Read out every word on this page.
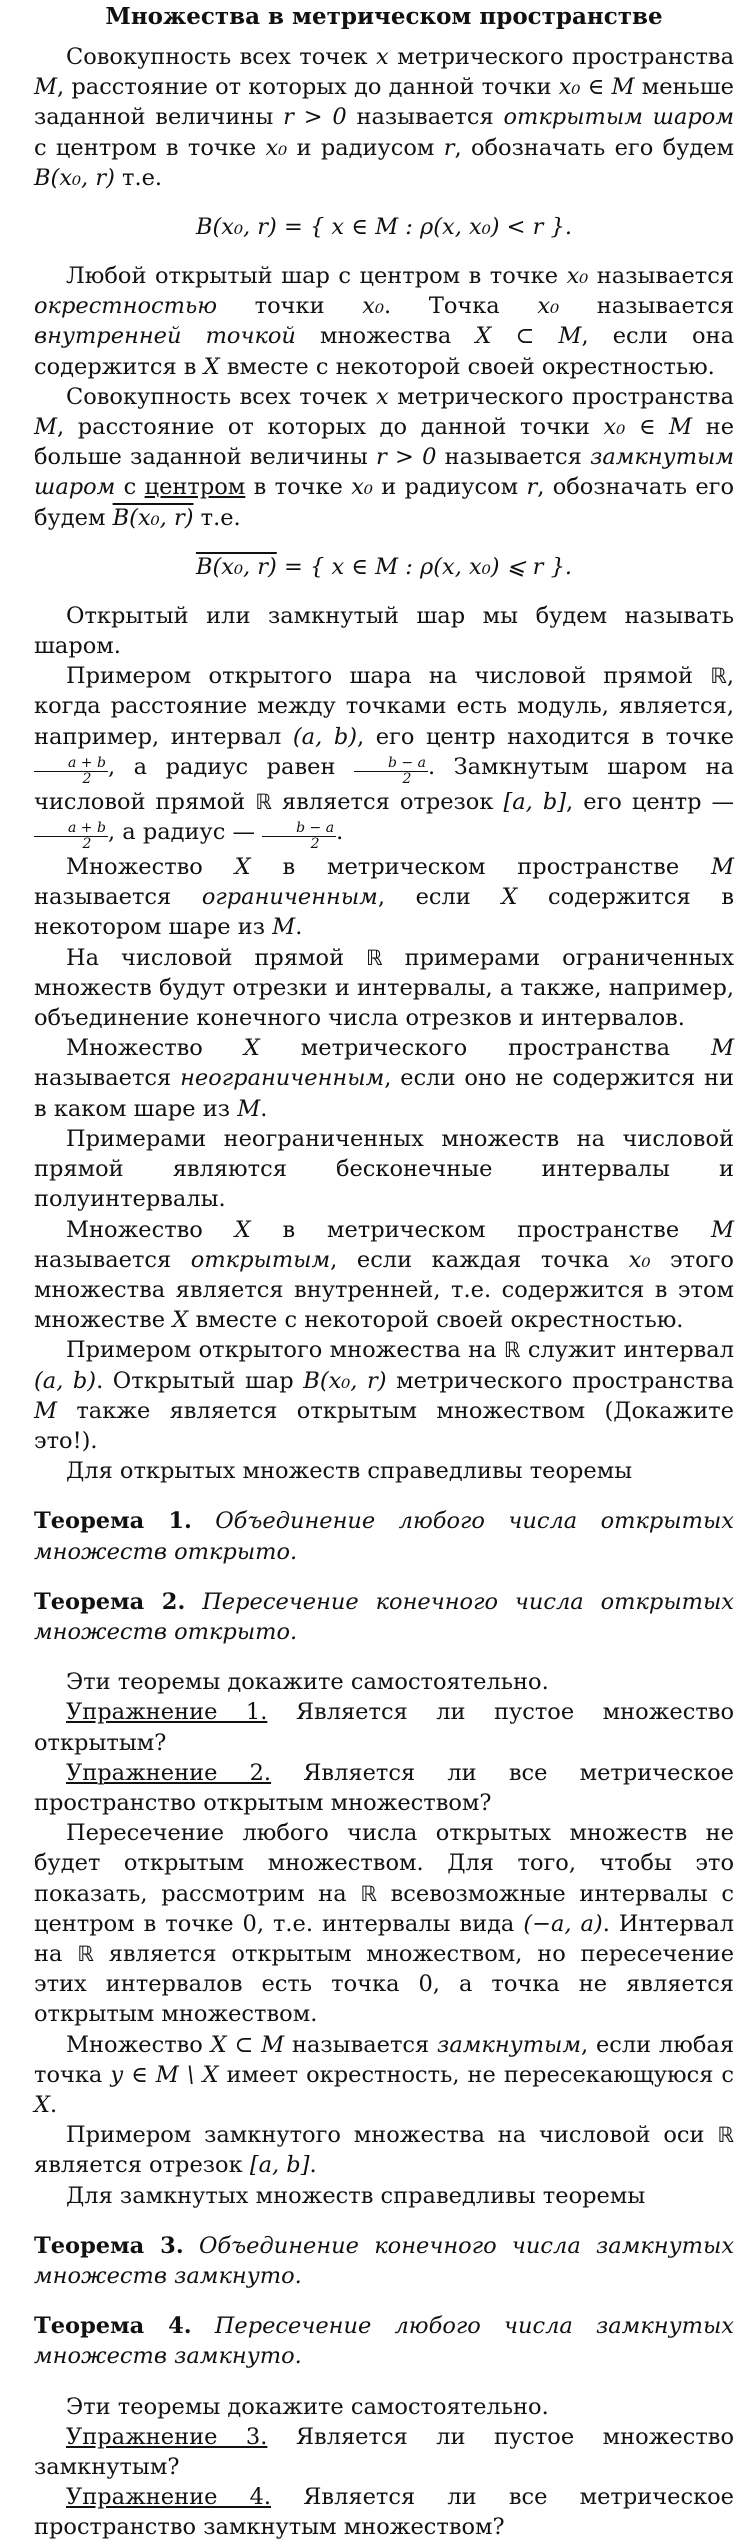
Множества в метрическом пространстве

Совокупность всех точек x метрического пространства M, расстояние от которых до данной точки x₀ ∈ M меньше заданной величины r > 0 называется открытым шаром с центром в точке x₀ и радиусом r, обозначать его будем B(x₀, r) т.е.

B(x₀, r) = { x ∈ M : ρ(x, x₀) < r }.

Любой открытый шар с центром в точке x₀ называется окрестностью точки x₀. Точка x₀ называется внутренней точкой множества X ⊂ M, если она содержится в X вместе с некоторой своей окрестностью.

Совокупность всех точек x метрического пространства M, расстояние от которых до данной точки x₀ ∈ M не больше заданной величины r > 0 называется замкнутым шаром с центром в точке x₀ и радиусом r, обозначать его будем B(x₀, r) т.е.

B(x₀, r) = { x ∈ M : ρ(x, x₀) ⩽ r }.

Открытый или замкнутый шар мы будем называть шаром.

Примером открытого шара на числовой прямой ℝ, когда расстояние между точками есть модуль, является, например, интервал (a, b), его центр находится в точке
$\frac{a + b}{2}$ , а радиус равен $\frac{b - a}{2}$ . Замкнутым шаром на числовой прямой ℝ является отрезок [a, b], его центр —
$\frac{a + b}{2}$ , а радиус — $\frac{b - a}{2}$ .

Множество X в метрическом пространстве M называется ограниченным, если X содержится в некотором шаре из M.

На числовой прямой ℝ примерами ограниченных множеств будут отрезки и интервалы, а также, например, объединение конечного числа отрезков и интервалов.

Множество X метрического пространства M называется неограниченным, если оно не содержится ни в каком шаре из M.

Примерами неограниченных множеств на числовой прямой являются бесконечные интервалы и полуинтервалы.

Множество X в метрическом пространстве M называется открытым, если каждая точка x₀ этого множества является внутренней, т.е. содержится в этом множестве X вместе с некоторой своей окрестностью.

Примером открытого множества на ℝ служит интервал (a, b). Открытый шар B(x₀, r) метрического пространства M также является открытым множеством (Докажите это!).

Для открытых множеств справедливы теоремы

Теорема 1. Объединение любого числа открытых множеств открыто.

Теорема 2. Пересечение конечного числа открытых множеств открыто.

Эти теоремы докажите самостоятельно.

Упражнение 1. Является ли пустое множество открытым?

Упражнение 2. Является ли все метрическое пространство открытым множеством?

Пересечение любого числа открытых множеств не будет открытым множеством. Для того, чтобы это показать, рассмотрим на ℝ всевозможные интервалы с центром в точке 0, т.е. интервалы вида (−a, a). Интервал на ℝ является открытым множеством, но пересечение этих интервалов есть точка 0, а точка не является открытым множеством.

Множество X ⊂ M называется замкнутым, если любая точка y ∈ M \ X имеет окрестность, не пересекающуюся с X.

Примером замкнутого множества на числовой оси ℝ является отрезок [a, b].

Для замкнутых множеств справедливы теоремы

Теорема 3. Объединение конечного числа замкнутых множеств замкнуто.

Теорема 4. Пересечение любого числа замкнутых множеств замкнуто.

Эти теоремы докажите самостоятельно.

Упражнение 3. Является ли пустое множество замкнутым?

Упражнение 4. Является ли все метрическое пространство замкнутым множеством?
